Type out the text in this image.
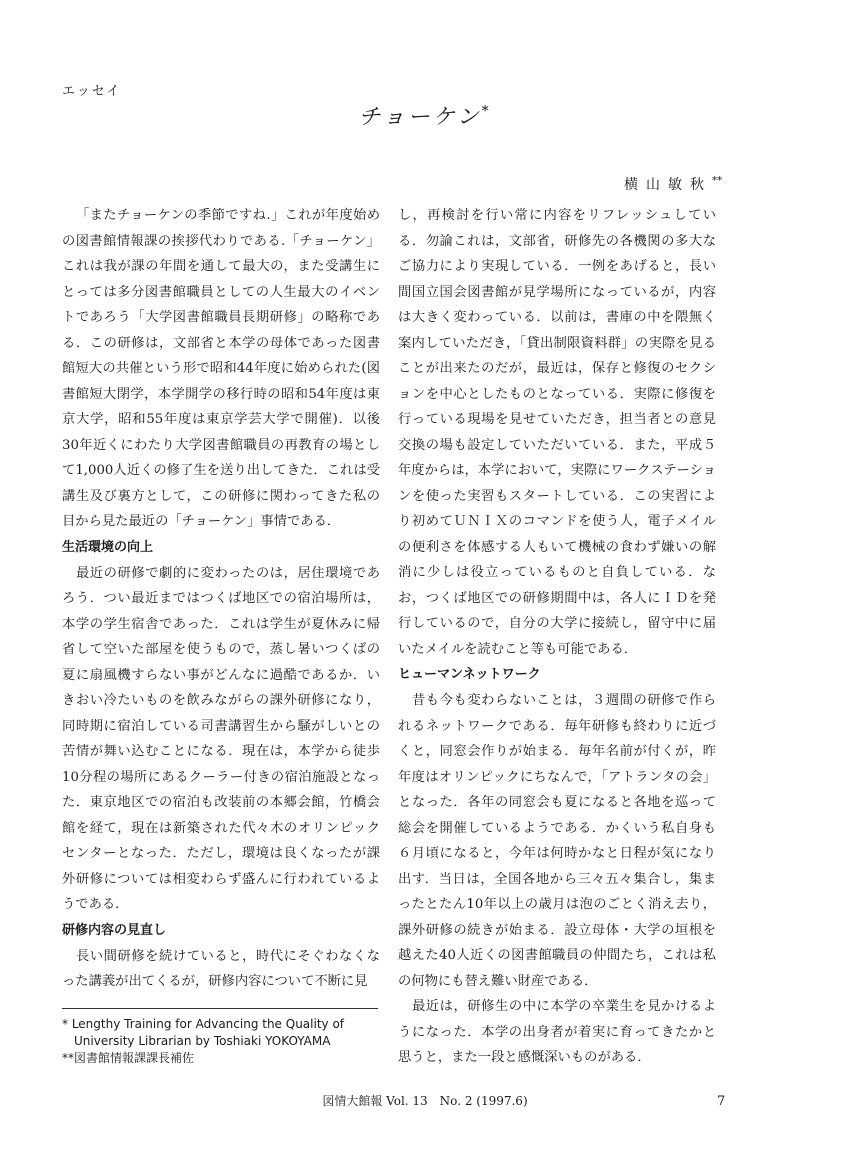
エッセイ
チョーケン*
横山敏秋**

「またチョーケンの季節ですね.」これが年度始めの図書館情報課の挨拶代わりである.「チョーケン」これは我が課の年間を通して最大の，また受講生にとっては多分図書館職員としての人生最大のイベントであろう「大学図書館職員長期研修」の略称である．この研修は，文部省と本学の母体であった図書館短大の共催という形で昭和44年度に始められた(図書館短大閉学，本学開学の移行時の昭和54年度は東京大学，昭和55年度は東京学芸大学で開催)．以後30年近くにわたり大学図書館職員の再教育の場として1,000人近くの修了生を送り出してきた．これは受講生及び裏方として，この研修に関わってきた私の目から見た最近の「チョーケン」事情である．

生活環境の向上

最近の研修で劇的に変わったのは，居住環境であろう．つい最近まではつくば地区での宿泊場所は，本学の学生宿舎であった．これは学生が夏休みに帰省して空いた部屋を使うもので，蒸し暑いつくばの夏に扇風機すらない事がどんなに過酷であるか．いきおい冷たいものを飲みながらの課外研修になり，同時期に宿泊している司書講習生から騒がしいとの苦情が舞い込むことになる．現在は，本学から徒歩10分程の場所にあるクーラー付きの宿泊施設となった．東京地区での宿泊も改装前の本郷会館，竹橋会館を経て，現在は新築された代々木のオリンピックセンターとなった．ただし，環境は良くなったが課外研修については相変わらず盛んに行われているようである．

研修内容の見直し

長い間研修を続けていると，時代にそぐわなくなった講義が出てくるが，研修内容について不断に見

し，再検討を行い常に内容をリフレッシュしている．勿論これは，文部省，研修先の各機関の多大なご協力により実現している．一例をあげると，長い間国立国会図書館が見学場所になっているが，内容は大きく変わっている．以前は，書庫の中を隈無く案内していただき，「貸出制限資料群」の実際を見ることが出来たのだが，最近は，保存と修復のセクションを中心としたものとなっている．実際に修復を行っている現場を見せていただき，担当者との意見交換の場も設定していただいている．また，平成５年度からは，本学において，実際にワークステーションを使った実習もスタートしている．この実習により初めてＵＮＩＸのコマンドを使う人，電子メイルの便利さを体感する人もいて機械の食わず嫌いの解消に少しは役立っているものと自負している．なお，つくば地区での研修期間中は，各人にＩＤを発行しているので，自分の大学に接続し，留守中に届いたメイルを読むこと等も可能である．

ヒューマンネットワーク

昔も今も変わらないことは，３週間の研修で作られるネットワークである．毎年研修も終わりに近づくと，同窓会作りが始まる．毎年名前が付くが，昨年度はオリンピックにちなんで，「アトランタの会」となった．各年の同窓会も夏になると各地を巡って総会を開催しているようである．かくいう私自身も６月頃になると，今年は何時かなと日程が気になり出す．当日は，全国各地から三々五々集合し，集まったとたん10年以上の歳月は泡のごとく消え去り，課外研修の続きが始まる．設立母体・大学の垣根を越えた40人近くの図書館職員の仲間たち，これは私の何物にも替え難い財産である．

最近は，研修生の中に本学の卒業生を見かけるようになった．本学の出身者が着実に育ってきたかと思うと，また一段と感慨深いものがある．

* Lengthy Training for Advancing the Quality of University Librarian by Toshiaki YOKOYAMA
**図書館情報課課長補佐
図情大館報 Vol. 13　No. 2 (1997.6)	7
